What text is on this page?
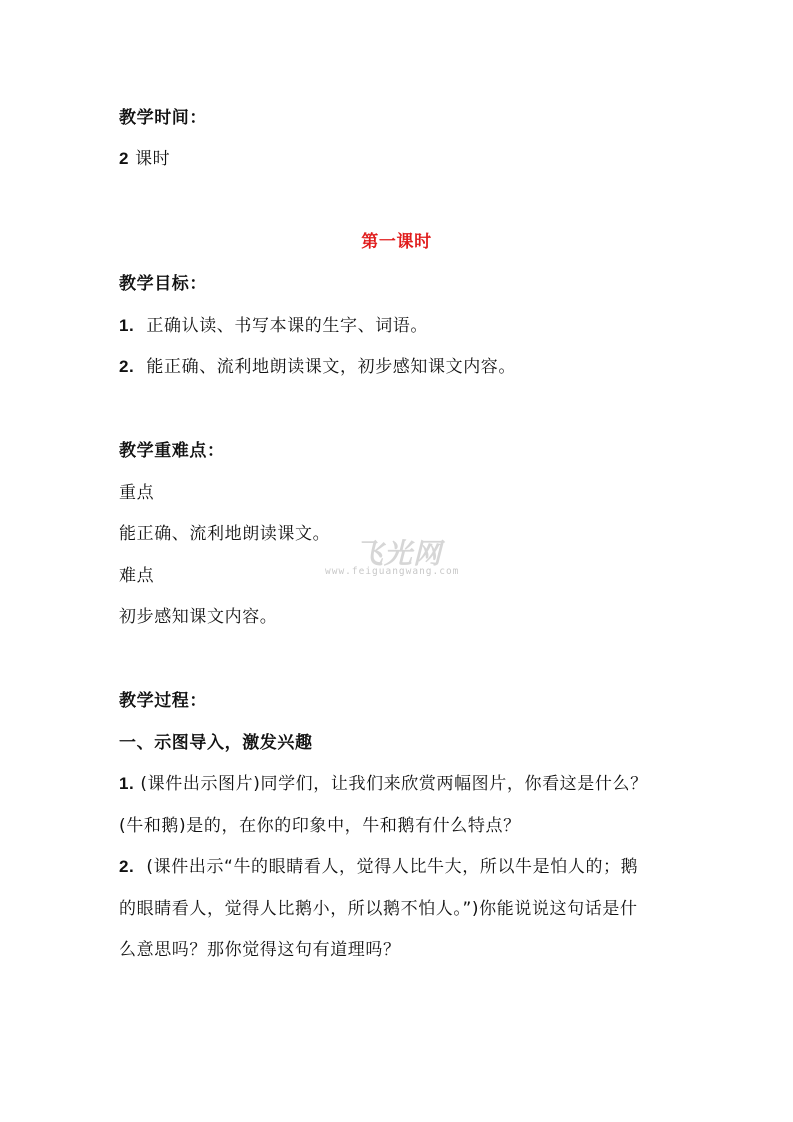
教学时间：

2 课时

第一课时

教学目标：

1. 正确认读、书写本课的生字、词语。

2. 能正确、流利地朗读课文，初步感知课文内容。

教学重难点：

重点

能正确、流利地朗读课文。

难点

初步感知课文内容。

教学过程：

一、示图导入，激发兴趣

1. (课件出示图片)同学们，让我们来欣赏两幅图片，你看这是什么？

(牛和鹅)是的，在你的印象中，牛和鹅有什么特点？

2. (课件出示“牛的眼睛看人，觉得人比牛大，所以牛是怕人的；鹅

的眼睛看人，觉得人比鹅小，所以鹅不怕人。”)你能说说这句话是什

么意思吗？那你觉得这句有道理吗？

飞光网
www.feiguangwang.com
